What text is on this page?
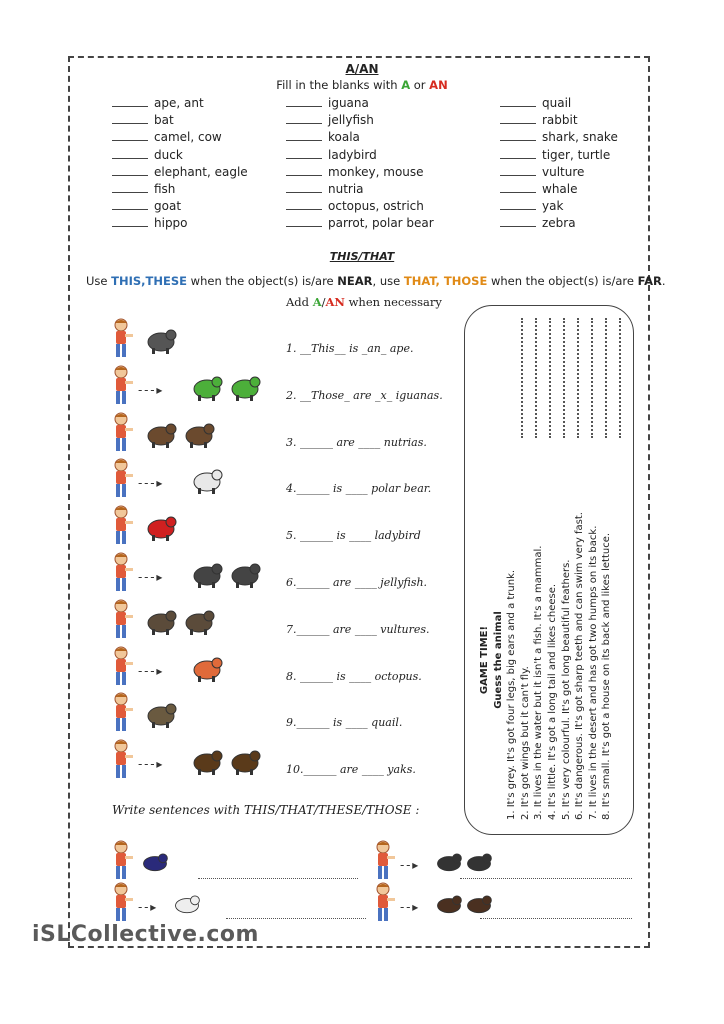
A/AN
Fill in the blanks with A or AN
ape, ant
bat
camel, cow
duck
elephant, eagle
fish
goat
hippo
iguana
jellyfish
koala
ladybird
monkey, mouse
nutria
octopus, ostrich
parrot, polar bear
quail
rabbit
shark, snake
tiger, turtle
vulture
whale
yak
zebra
THIS/THAT
Use THIS,THESE when the object(s) is/are NEAR, use THAT, THOSE when the object(s) is/are FAR.
Add A/AN when necessary
1. __This__ is _an_ ape.
- - - ▸	2. __Those_ are _x_ iguanas.
3. ______ are ____ nutrias.
- - - ▸	4.______ is ____ polar bear.
5. ______ is ____ ladybird
- - - ▸	6.______ are ____ jellyfish.
7.______ are ____ vultures.
- - - ▸	8. ______ is ____ octopus.
9.______ is ____ quail.
- - - ▸	10.______ are ____ yaks.
GAME TIME! Guess the animal 1. It's grey. It's got four legs, big ears and a trunk. 2. It's got wings but it can't fly. 3. It lives in the water but it isn't a fish. It's a mammal. 4. It's little. It's got a long tail and likes cheese. 5. It's very colourful. It's got long beautiful feathers. 6. It's dangerous. It's got sharp teeth and can swim very fast. 7. It lives in the desert and has got two humps on its back. 8. It's small. It's got a house on its back and likes lettuce.
Write sentences with THIS/THAT/THESE/THOSE :
- - ▸
- - ▸	- - ▸
iSLCollective.com
